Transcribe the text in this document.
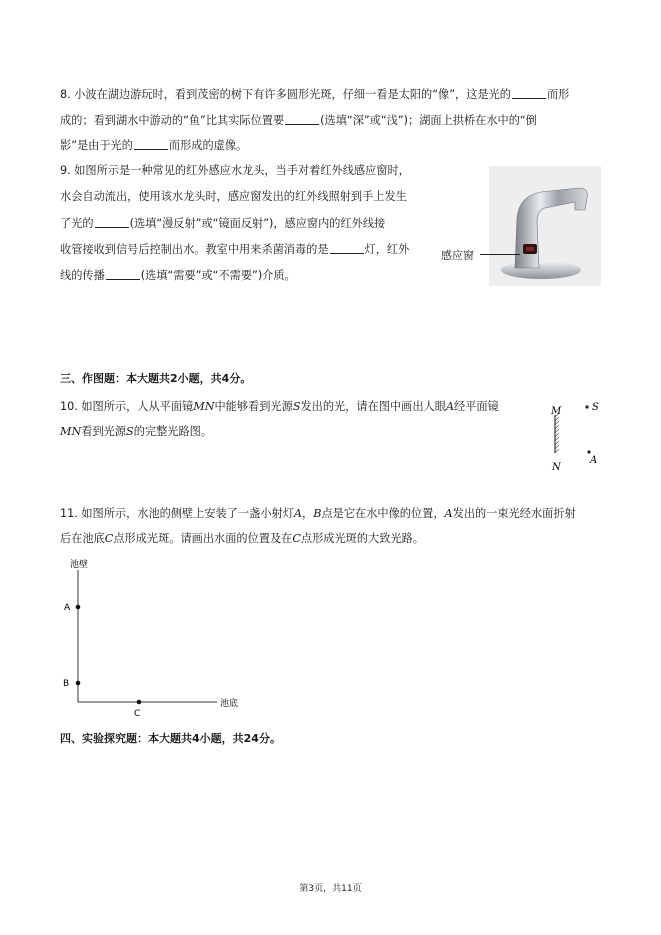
8. 小波在湖边游玩时，看到茂密的树下有许多圆形光斑，仔细一看是太阳的“像”，这是光的	而形
成的；看到湖水中游动的“鱼”比其实际位置要	(选填“深”或“浅”)；湖面上拱桥在水中的“倒
影”是由于光的	而形成的虚像。
9. 如图所示是一种常见的红外感应水龙头，当手对着红外线感应窗时，
水会自动流出，使用该水龙头时，感应窗发出的红外线照射到手上发生
了光的	(选填“漫反射”或“镜面反射”)，感应窗内的红外线接
收管接收到信号后控制出水。教室中用来杀菌消毒的是	灯，红外
线的传播	(选填“需要”或“不需要”)介质。
感应窗
三、作图题：本大题共2小题，共4分。
10. 如图所示，人从平面镜MN中能够看到光源S发出的光，请在图中画出人眼A经平面镜
MN看到光源S的完整光路图。
M
N
S
A
11. 如图所示，水池的侧壁上安装了一盏小射灯A，B点是它在水中像的位置，A发出的一束光经水面折射
后在池底C点形成光斑。请画出水面的位置及在C点形成光斑的大致光路。
池壁
池底
A
B
C
四、实验探究题：本大题共4小题，共24分。
第3页，共11页
